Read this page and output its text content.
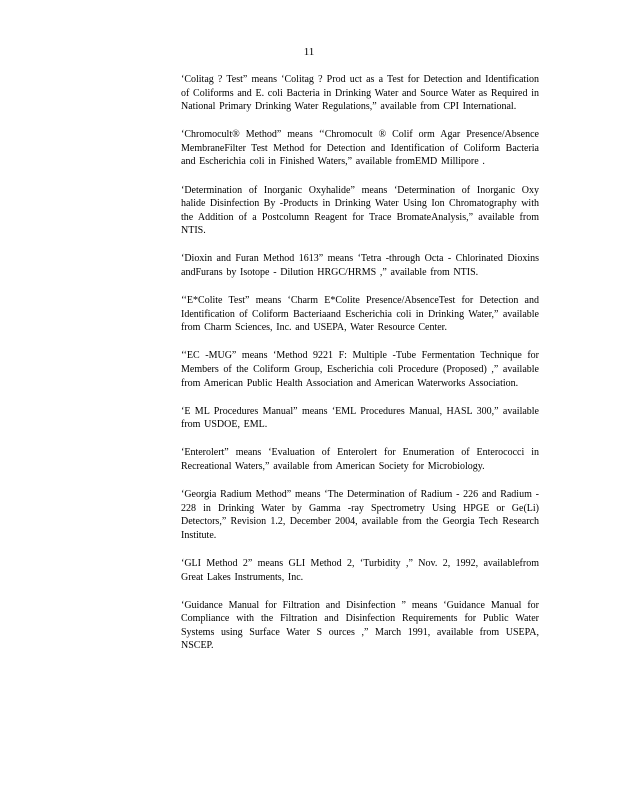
11

‘Colitag ? Test” means ‘Colitag ? Prod uct as a Test for Detection and Identification of Coliforms and E. coli Bacteria in Drinking Water and Source Water as Required in National Primary Drinking Water Regulations,” available from CPI International.

‘Chromocult® Method” means ‘‘Chromocult ® Colif orm Agar Presence/Absence MembraneFilter Test Method for Detection and Identification of Coliform Bacteria and Escherichia coli in Finished Waters,” available fromEMD Millipore .

‘Determination of Inorganic Oxyhalide” means ‘Determination of Inorganic Oxy halide Disinfection By -Products in Drinking Water Using Ion Chromatography with the Addition of a Postcolumn Reagent for Trace BromateAnalysis,” available from NTIS.

‘Dioxin and Furan Method 1613” means ‘Tetra -through Octa - Chlorinated Dioxins andFurans by Isotope - Dilution HRGC/HRMS ,” available from NTIS.

‘‘E*Colite Test” means ‘Charm E*Colite Presence/AbsenceTest for Detection and Identification of Coliform Bacteriaand Escherichia coli in Drinking Water,” available from Charm Sciences, Inc. and USEPA, Water Resource Center.

‘‘EC -MUG” means ‘Method 9221 F: Multiple -Tube Fermentation Technique for Members of the Coliform Group, Escherichia coli Procedure (Proposed) ,” available from American Public Health Association and American Waterworks Association.

‘E ML Procedures Manual” means ‘EML Procedures Manual, HASL 300,” available from USDOE, EML.

‘Enterolert” means ‘Evaluation of Enterolert for Enumeration of Enterococci in Recreational Waters,” available from American Society for Microbiology.

‘Georgia Radium Method” means ‘The Determination of Radium - 226 and Radium - 228 in Drinking Water by Gamma -ray Spectrometry Using HPGE or Ge(Li) Detectors,” Revision 1.2, December 2004, available from the Georgia Tech Research Institute.

‘GLI Method 2” means GLI Method 2, ‘Turbidity ,” Nov. 2, 1992, availablefrom Great Lakes Instruments, Inc.

‘Guidance Manual for Filtration and Disinfection ” means ‘Guidance Manual for Compliance with the Filtration and Disinfection Requirements for Public Water Systems using Surface Water S ources ,” March 1991, available from USEPA, NSCEP.
